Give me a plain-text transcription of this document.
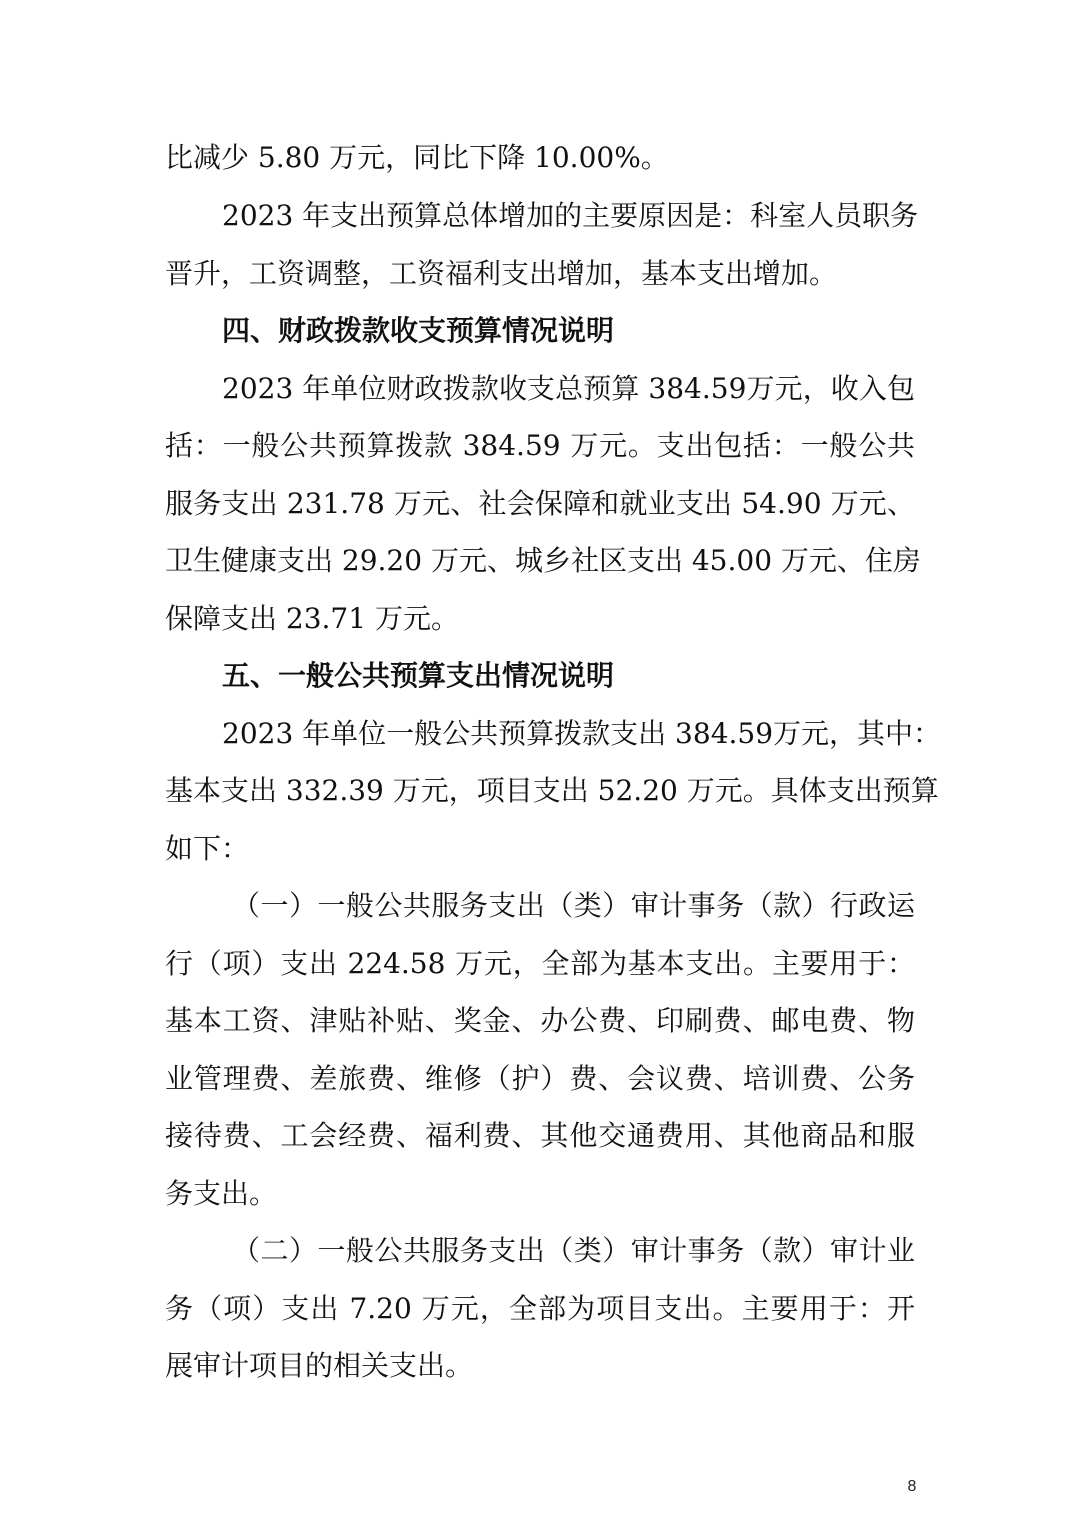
比减少 5.80 万元，同比下降 10.00%。
2023 年支出预算总体增加的主要原因是：科室人员职务
晋升，工资调整，工资福利支出增加，基本支出增加。
四、财政拨款收支预算情况说明
2023 年单位财政拨款收支总预算 384.59万元，收入包
括：一般公共预算拨款 384.59 万元。支出包括：一般公共
服务支出 231.78 万元、社会保障和就业支出 54.90 万元、
卫生健康支出 29.20 万元、城乡社区支出 45.00 万元、住房
保障支出 23.71 万元。
五、一般公共预算支出情况说明
2023 年单位一般公共预算拨款支出 384.59万元，其中：
基本支出 332.39 万元，项目支出 52.20 万元。具体支出预算
如下：
（一）一般公共服务支出（类）审计事务（款）行政运
行（项）支出 224.58 万元，全部为基本支出。主要用于：
基本工资、津贴补贴、奖金、办公费、印刷费、邮电费、物
业管理费、差旅费、维修（护）费、会议费、培训费、公务
接待费、工会经费、福利费、其他交通费用、其他商品和服
务支出。
（二）一般公共服务支出（类）审计事务（款）审计业
务（项）支出 7.20 万元，全部为项目支出。主要用于：开
展审计项目的相关支出。
8
